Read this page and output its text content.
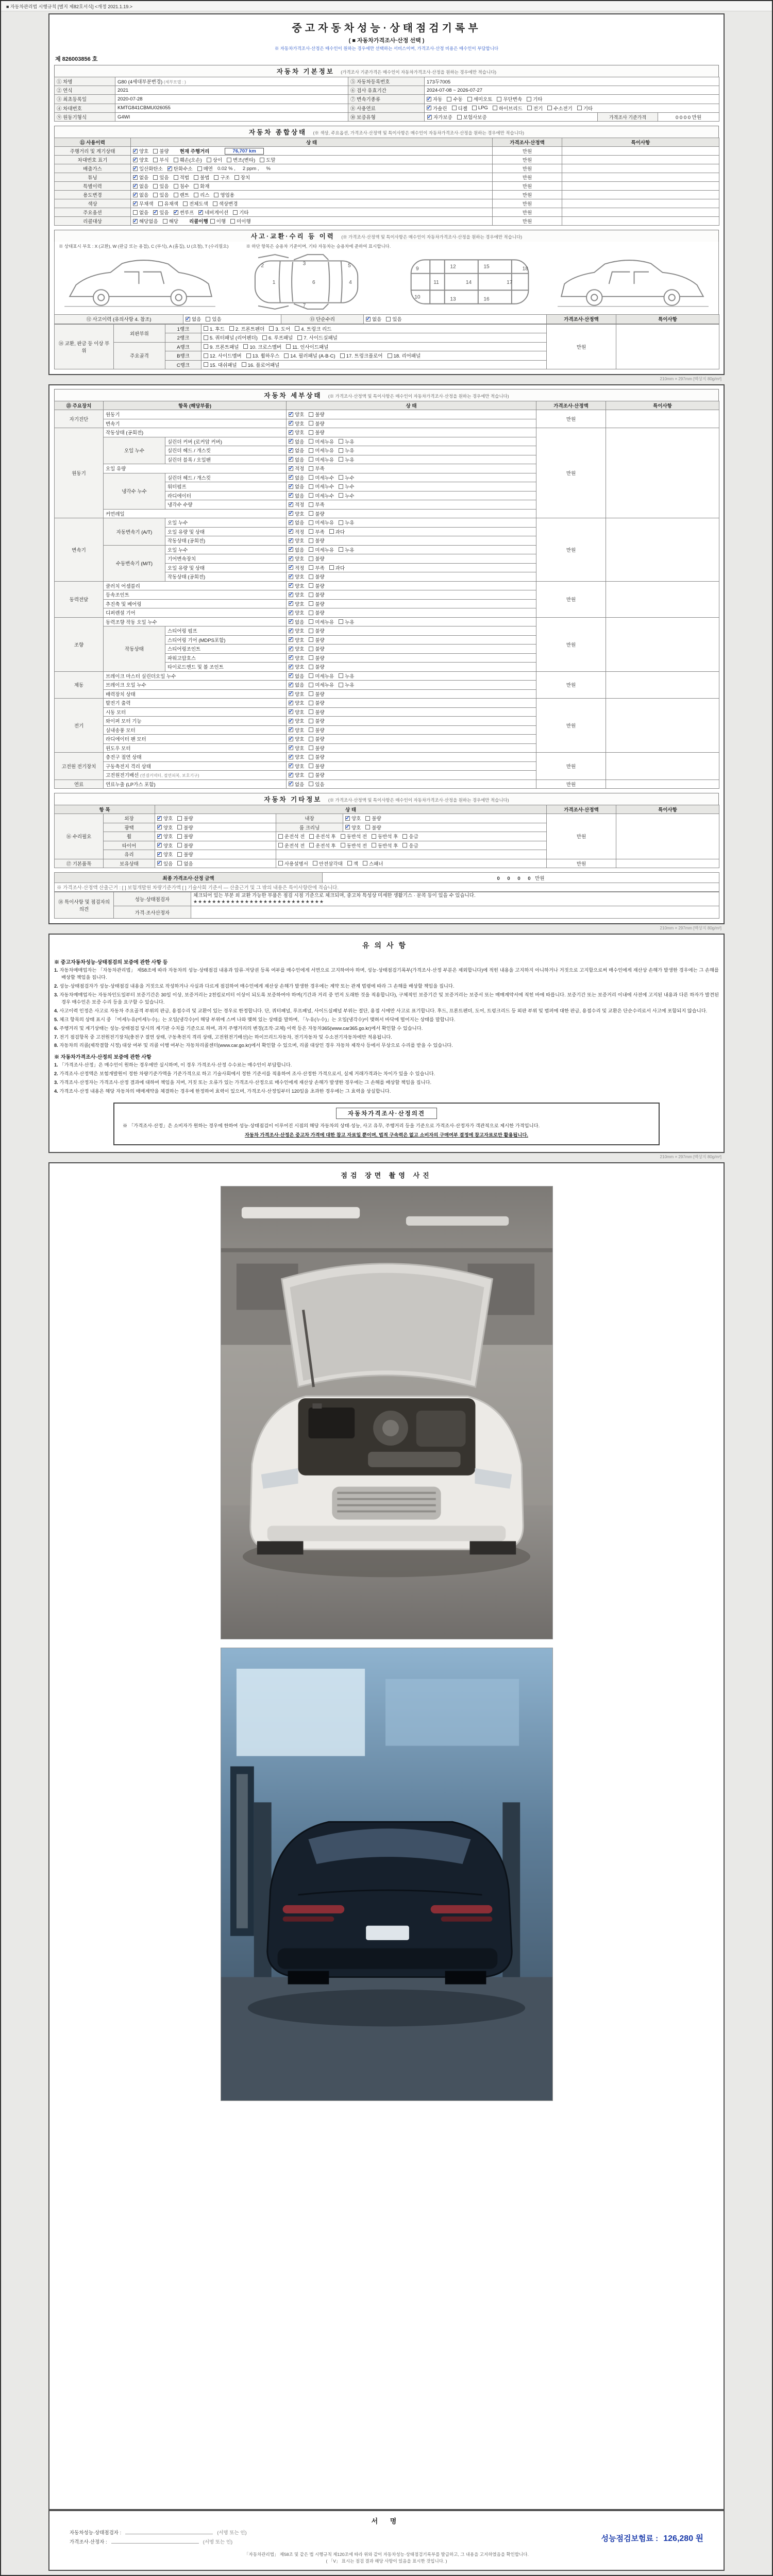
■ 자동차관리법 시행규칙 [별지 제82호서식] <개정 2021.1.19.>
중고자동차성능·상태점검기록부
( ■ 자동차가격조사·산정 선택 )
※ 자동차가격조사·산정은 매수인이 원하는 경우에만 선택하는 서비스이며, 가격조사·산정 비용은 매수인이 부담합니다
제 826003856 호
자동차 기본정보 (가격조사 기준가격은 매수인이 자동차가격조사·산정을 원하는 경우에만 적습니다)
① 차명	G80 (4세대부분변경) (세부모델 : )	⑤ 자동차등록번호	173두7005
② 연식	2021	⑥ 검사 유효기간	2024-07-08 ~ 2026-07-27
③ 최초등록일	2020-07-28	⑦ 변속기종류	
✓자동 수동 세미오토 무단변속 기타

④ 차대번호	KMTG841CBMU026055	⑧ 사용연료	
✓가솔린 디젤 LPG 하이브리드 전기 수소전기 기타

⑨ 원동기형식	G4WI	⑩ 보증유형	
✓자가보증 보험사보증 가격조사 기준가격 0 0 0 0 만원
자동차 종합상태 (※ 색상, 주요옵션, 가격조사·산정액 및 특이사항은 매수인이 자동차가격조사·산정을 원하는 경우에만 적습니다)
⑪ 사용이력	상 태	가격조사·산정액	특이사항
주행거리 및 계기상태	
✓양호 불량 현재 주행거리 76,707 km	만원	
차대번호 표기	
✓양호 부식 훼손(오손) 상이 변조(변타) 도말	만원	
배출가스	
✓일산화탄소 ✓ 탄화수소 매연 0.02 % , 2 ppm , %	만원	
튜닝	
✓없음 있음 적법 불법 구조 장치	만원	
특별이력	
✓없음 있음 침수 화재	만원	
용도변경	
✓없음 있음 렌트 리스 영업용	만원	
색상	
✓무채색 유채색 전체도색 색상변경	만원	
주요옵션	없음 ✓ 있음 ✓ 썬루프 ✓ 네비게이션 기타	만원	
리콜대상	
✓해당없음 해당 리콜이행 이행 미이행	만원	
사고·교환·수리 등 이력 (※ 가격조사·산정액 및 특이사항은 매수인이 자동차가격조사·산정을 원하는 경우에만 적습니다)
※ 상태표시 부호 : X (교환), W (판금 또는 용접), C (부식), A (흠집), U (요철), T (수리필요)	※ 하단 항목은 승용차 기준이며, 기타 자동차는 승용차에 준하여 표시합니다.
1
2	3
4
5
6
7
9
10
11
12
13
14
15
16
17
18
⑫ 사고이력 (유의사항 4. 참조)	
✓없음 있음	⑬ 단순수리	
✓없음 있음	가격조사·산정액	특이사항
⑭ 교환, 판금 등 이상 부위	외판부위	1랭크	1. 후드 2. 프론트펜더 3. 도어 4. 트렁크 리드	만원	
		2랭크	5. 쿼터패널 (리어펜더) 6. 루프패널 7. 사이드실패널		

	주요골격	A랭크	9. 프론트패널 10. 크로스멤버 11. 인사이드패널		

		B랭크	12. 사이드멤버 13. 휠하우스 14. 필러패널 (A·B·C) 17. 트렁크플로어 18. 리어패널		

		C랭크	15. 대쉬패널 16. 플로어패널		
210mm × 297mm [백상지 80g/m²]
자동차 세부상태 (※ 가격조사·산정액 및 특이사항은 매수인이 자동차가격조사·산정을 원하는 경우에만 적습니다)
⑮ 주요장치	항목 (해당부품)		상 태	가격조사·산정액	특이사항
자기진단	원동기	
✓양호 불량	만원	
	변속기	
✓양호 불량

원동기	작동상태 (공회전)	
✓양호 불량	만원	
	오일 누수	실린더 커버 (로커암 커버)	
✓없음 미세누유 누유

		실린더 헤드 / 개스킷	
✓없음 미세누유 누유

		실린더 블록 / 오일팬	
✓없음 미세누유 누유

	오일 유량	
✓적정 부족

	냉각수 누수	실린더 헤드 / 개스킷	
✓없음 미세누수 누수

		워터펌프	
✓없음 미세누수 누수

		라디에이터	
✓없음 미세누수 누수

		냉각수 수량	
✓적정 부족

	커먼레일	
✓양호 불량

변속기	자동변속기 (A/T)	오일 누수	
✓없음 미세누유 누유	만원	
		오일 유량 및 상태	
✓적정 부족 과다

		작동상태 (공회전)	
✓양호 불량

	수동변속기 (M/T)	오일 누수	
✓없음 미세누유 누유

		기어변속장치	
✓양호 불량

		오일 유량 및 상태	
✓적정 부족 과다

		작동상태 (공회전)	
✓양호 불량

동력전달	클러치 어셈블리	
✓양호 불량	만원	
	등속조인트	
✓양호 불량

	추진축 및 베어링	
✓양호 불량

	디퍼렌셜 기어	
✓양호 불량

조향	동력조향 작동 오일 누수	
✓없음 미세누유 누유	만원	
	작동상태	스티어링 펌프	
✓양호 불량

		스티어링 기어 (MDPS포함)	
✓양호 불량

		스티어링조인트	
✓양호 불량

		파워고압호스	
✓양호 불량

		타이로드엔드 및 볼 조인트	
✓양호 불량

제동	브레이크 마스터 실린더오일 누수	
✓없음 미세누유 누유	만원	
	브레이크 오일 누수	
✓없음 미세누유 누유

	배력장치 상태	
✓양호 불량

전기	발전기 출력	
✓양호 불량	만원	
	시동 모터	
✓양호 불량

	와이퍼 모터 기능	
✓양호 불량

	실내송풍 모터	
✓양호 불량

	라디에이터 팬 모터	
✓양호 불량

	윈도우 모터	
✓양호 불량

고전원 전기장치	충전구 절연 상태	
✓양호 불량	만원	
	구동축전지 격리 상태	
✓양호 불량

	고전원전기배선 (연결커넥터, 절연피복, 보호기구)	
✓양호 불량

연료	연료누출 (LP가스 포함)	
✓없음 있음	만원	
자동차 기타정보 (※ 가격조사·산정액 및 특이사항은 매수인이 자동차가격조사·산정을 원하는 경우에만 적습니다)
항 목		상 태			가격조사·산정액	특이사항
⑯ 수리필요	외장	
✓양호 불량	내장	
✓양호 불량	만원	
	광택	
✓양호 불량	룸 크리닝	
✓양호 불량

	휠	
✓양호 불량	운전석 전 운전석 후 동반석 전 동반석 후 응급			

	타이어	
✓양호 불량	운전석 전 운전석 후 동반석 전 동반석 후 응급			

	유리	
✓양호 불량

⑰ 기본품목	보유상태	
✓있음 없음	사용설명서 안전삼각대 잭 스패너		만원	
최종 가격조사·산정 금액	0 0 0 0 만원
※ 가격조사·산정액 산출근거 : [ ] 보험개발원 차량기준가액 [ ] 기술사회 기준서 — 산출근거 및 그 밖의 내용은 특이사항란에 적습니다.
⑱ 특이사항 및 점검자의 의견	성능·상태점검자	체크되어 있는 부분 외 교환 가능한 부품은 점검 시점 기준으로 체크되며, 중고차 특성상 미세한 생활기스 · 문콕 등이 있을 수 있습니다.
★★★★★★★★★★★★★★★★★★★★★★★★★★★★

	가격·조사산정자	
210mm × 297mm [백상지 80g/m²]
유의사항
※ 중고자동차성능·상태점검의 보증에 관한 사항 등
1. 자동차매매업자는 「자동차관리법」 제58조에 따라 자동차의 성능·상태점검 내용과 압류·저당권 등록 여부를 매수인에게 서면으로 고지하여야 하며, 성능·상태점검기록부(가격조사·산정 부분은 제외합니다)에 적힌 내용을 고지하지 아니하거나 거짓으로 고지함으로써 매수인에게 재산상 손해가 발생한 경우에는 그 손해를 배상할 책임을 집니다.
2. 성능·상태점검자가 성능·상태점검 내용을 거짓으로 작성하거나 사실과 다르게 점검하여 매수인에게 재산상 손해가 발생한 경우에는 계약 또는 관계 법령에 따라 그 손해를 배상할 책임을 집니다.
3. 자동차매매업자는 자동차인도일부터 보증기간은 30일 이상, 보증거리는 2천킬로미터 이상이 되도록 보증하여야 하며(기간과 거리 중 먼저 도래한 것을 적용합니다), 구체적인 보증기간 및 보증거리는 보증서 또는 매매계약서에 적힌 바에 따릅니다. 보증기간 또는 보증거리 이내에 사전에 고지된 내용과 다른 하자가 발견된 경우 매수인은 보증 수리 등을 요구할 수 있습니다.
4. 사고이력 인정은 사고로 자동차 주요골격 부위의 판금, 용접수리 및 교환이 있는 경우로 한정합니다. 단, 쿼터패널, 루프패널, 사이드실패널 부위는 절단, 용접 시에만 사고로 표기합니다. 후드, 프론트펜더, 도어, 트렁크리드 등 외판 부위 및 범퍼에 대한 판금, 용접수리 및 교환은 단순수리로서 사고에 포함되지 않습니다.
5. 체크 항목의 상태 표시 중 「미세누유(미세누수)」는 오일(냉각수)이 해당 부위에 스며 나와 맺혀 있는 상태를 말하며, 「누유(누수)」는 오일(냉각수)이 맺혀서 바닥에 떨어지는 상태를 말합니다.
6. 주행거리 및 계기상태는 성능·상태점검 당시의 계기판 수치를 기준으로 하며, 과거 주행거리의 변경(조작·교체) 이력 등은 자동차365(www.car365.go.kr)에서 확인할 수 있습니다.
7. 전기 점검항목 중 고전원전기장치(충전구 절연 상태, 구동축전지 격리 상태, 고전원전기배선)는 하이브리드자동차, 전기자동차 및 수소전기자동차에만 적용됩니다.
8. 자동차의 리콜(제작결함 시정) 대상 여부 및 리콜 이행 여부는 자동차리콜센터(www.car.go.kr)에서 확인할 수 있으며, 리콜 대상인 경우 자동차 제작사 등에서 무상으로 수리를 받을 수 있습니다.
※ 자동차가격조사·산정의 보증에 관한 사항
1. 「가격조사·산정」은 매수인이 원하는 경우에만 실시하며, 이 경우 가격조사·산정 수수료는 매수인이 부담합니다.
2. 가격조사·산정액은 보험개발원이 정한 차량기준가액을 기준가격으로 하고 기술사회에서 정한 기준서를 적용하여 조사·산정한 가격으로서, 실제 거래가격과는 차이가 있을 수 있습니다.
3. 가격조사·산정자는 가격조사·산정 결과에 대하여 책임을 지며, 거짓 또는 오류가 있는 가격조사·산정으로 매수인에게 재산상 손해가 발생한 경우에는 그 손해를 배상할 책임을 집니다.
4. 가격조사·산정 내용은 해당 자동차의 매매계약을 체결하는 경우에 한정하여 효력이 있으며, 가격조사·산정일부터 120일을 초과한 경우에는 그 효력을 상실합니다.
자동차가격조사·산정의견
※ 「가격조사·산정」은 소비자가 원하는 경우에 한하여 성능·상태점검이 이루어진 시점의 해당 자동차의 상태·성능, 사고 유무, 주행거리 등을 기준으로 가격조사·산정자가 객관적으로 제시한 가격입니다.
자동차 가격조사·산정은 중고차 가격에 대한 참고 자료일 뿐이며, 법적 구속력은 없고 소비자의 구매여부 결정에 참고자료로만 활용됩니다.
210mm × 297mm [백상지 80g/m²]
점검 장면 촬영 사진
서 명
자동차성능·상태점검자 :	(서명 또는 인)
가격조사·산정자 :	(서명 또는 인)	성능점검보험료 : 126,280 원
「자동차관리법」 제58조 및 같은 법 시행규칙 제120조에 따라 위와 같이 자동차성능·상태점검기록부를 발급하고, 그 내용을 고지하였음을 확인합니다.
( 「V」 표시는 점검 결과 해당 사항이 있음을 표시한 것입니다. )
